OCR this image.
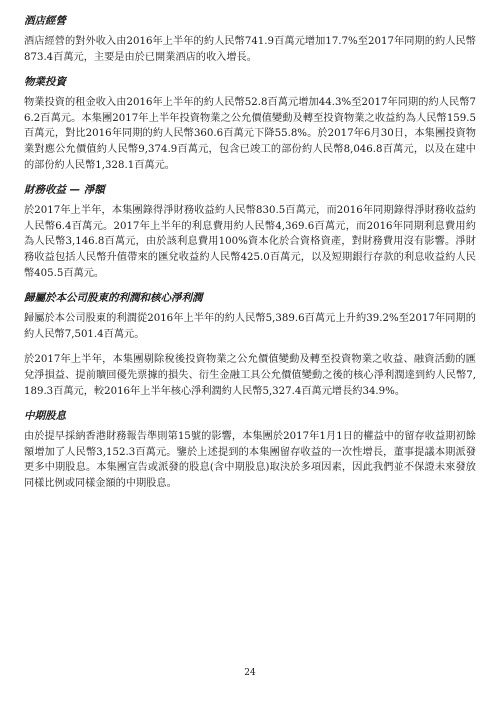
酒店經營

酒店經營的對外收入由2016年上半年的約人民幣741.9百萬元增加17.7%至2017年同期的約人民幣873.4百萬元，主要是由於已開業酒店的收入增長。

物業投資

物業投資的租金收入由2016年上半年的約人民幣52.8百萬元增加44.3%至2017年同期的約人民幣76.2百萬元。本集團2017年上半年投資物業之公允價值變動及轉至投資物業之收益約為人民幣159.5百萬元，對比2016年同期的約人民幣360.6百萬元下降55.8%。於2017年6月30日，本集團投資物業對應公允價值約人民幣9,374.9百萬元，包含已竣工的部份約人民幣8,046.8百萬元，以及在建中的部份約人民幣1,328.1百萬元。

財務收益 — 淨額

於2017年上半年，本集團錄得淨財務收益約人民幣830.5百萬元，而2016年同期錄得淨財務收益約人民幣6.4百萬元。2017年上半年的利息費用約人民幣4,369.6百萬元，而2016年同期利息費用約為人民幣3,146.8百萬元，由於該利息費用100%資本化於合資格資產，對財務費用沒有影響。淨財務收益包括人民幣升值帶來的匯兌收益約人民幣425.0百萬元，以及短期銀行存款的利息收益約人民幣405.5百萬元。

歸屬於本公司股東的利潤和核心淨利潤

歸屬於本公司股東的利潤從2016年上半年的約人民幣5,389.6百萬元上升約39.2%至2017年同期的約人民幣7,501.4百萬元。

於2017年上半年，本集團剔除稅後投資物業之公允價值變動及轉至投資物業之收益、融資活動的匯兌淨損益、提前贖回優先票據的損失、衍生金融工具公允價值變動之後的核心淨利潤達到約人民幣7,189.3百萬元，較2016年上半年核心淨利潤約人民幣5,327.4百萬元增長約34.9%。

中期股息

由於提早採納香港財務報告準則第15號的影響，本集團於2017年1月1日的權益中的留存收益期初餘額增加了人民幣3,152.3百萬元。鑒於上述提到的本集團留存收益的一次性增長，董事提議本期派發更多中期股息。本集團宣告或派發的股息(含中期股息)取決於多項因素，因此我們並不保證未來發放同樣比例或同樣金額的中期股息。

24
